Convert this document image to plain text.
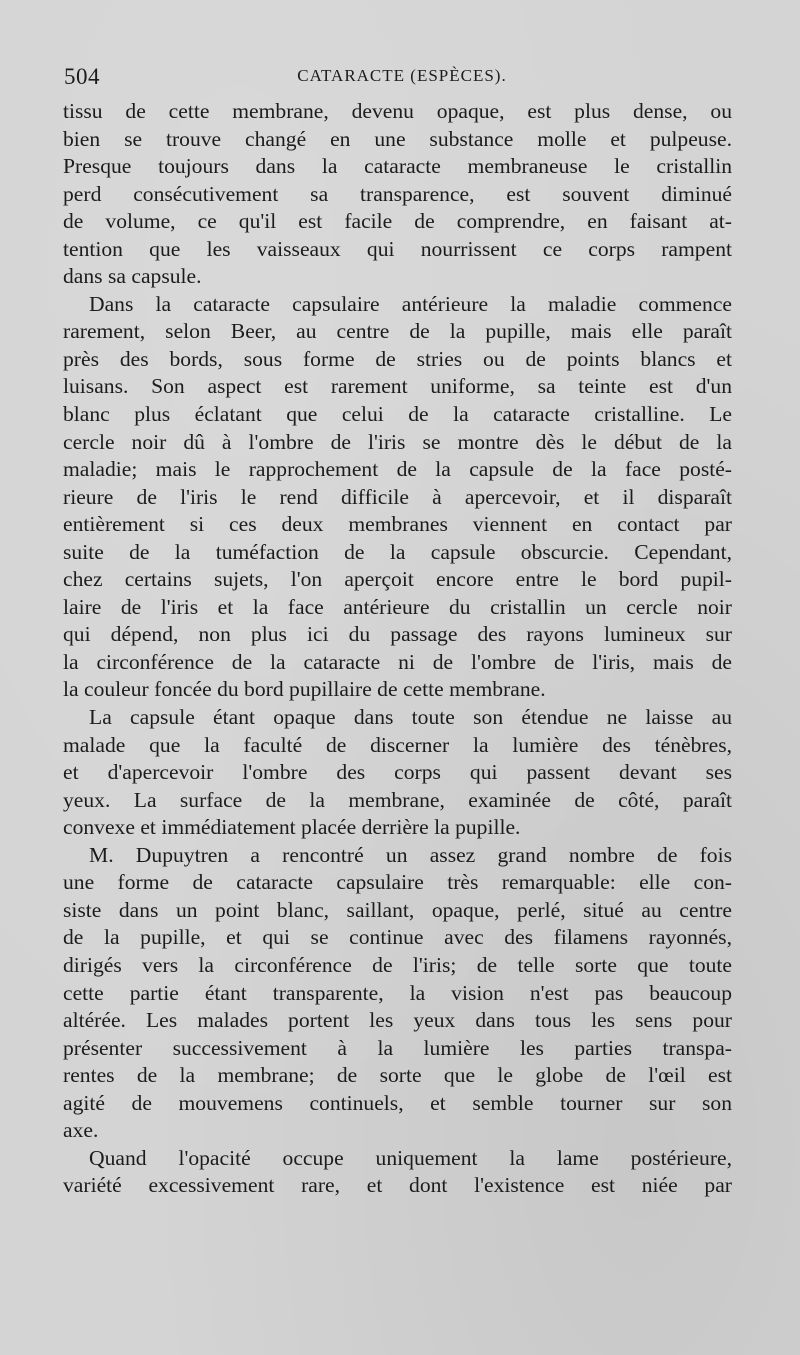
504	CATARACTE (ESPÈCES).

tissu de cette membrane, devenu opaque, est plus dense, ou

bien se trouve changé en une substance molle et pulpeuse.

Presque toujours dans la cataracte membraneuse le cristallin

perd consécutivement sa transparence, est souvent diminué

de volume, ce qu'il est facile de comprendre, en faisant at-

tention que les vaisseaux qui nourrissent ce corps rampent

dans sa capsule.

Dans la cataracte capsulaire antérieure la maladie commence

rarement, selon Beer, au centre de la pupille, mais elle paraît

près des bords, sous forme de stries ou de points blancs et

luisans. Son aspect est rarement uniforme, sa teinte est d'un

blanc plus éclatant que celui de la cataracte cristalline. Le

cercle noir dû à l'ombre de l'iris se montre dès le début de la

maladie; mais le rapprochement de la capsule de la face posté-

rieure de l'iris le rend difficile à apercevoir, et il disparaît

entièrement si ces deux membranes viennent en contact par

suite de la tuméfaction de la capsule obscurcie. Cependant,

chez certains sujets, l'on aperçoit encore entre le bord pupil-

laire de l'iris et la face antérieure du cristallin un cercle noir

qui dépend, non plus ici du passage des rayons lumineux sur

la circonférence de la cataracte ni de l'ombre de l'iris, mais de

la couleur foncée du bord pupillaire de cette membrane.

La capsule étant opaque dans toute son étendue ne laisse au

malade que la faculté de discerner la lumière des ténèbres,

et d'apercevoir l'ombre des corps qui passent devant ses

yeux. La surface de la membrane, examinée de côté, paraît

convexe et immédiatement placée derrière la pupille.

M. Dupuytren a rencontré un assez grand nombre de fois

une forme de cataracte capsulaire très remarquable: elle con-

siste dans un point blanc, saillant, opaque, perlé, situé au centre

de la pupille, et qui se continue avec des filamens rayonnés,

dirigés vers la circonférence de l'iris; de telle sorte que toute

cette partie étant transparente, la vision n'est pas beaucoup

altérée. Les malades portent les yeux dans tous les sens pour

présenter successivement à la lumière les parties transpa-

rentes de la membrane; de sorte que le globe de l'œil est

agité de mouvemens continuels, et semble tourner sur son

axe.

Quand l'opacité occupe uniquement la lame postérieure,

variété excessivement rare, et dont l'existence est niée par
